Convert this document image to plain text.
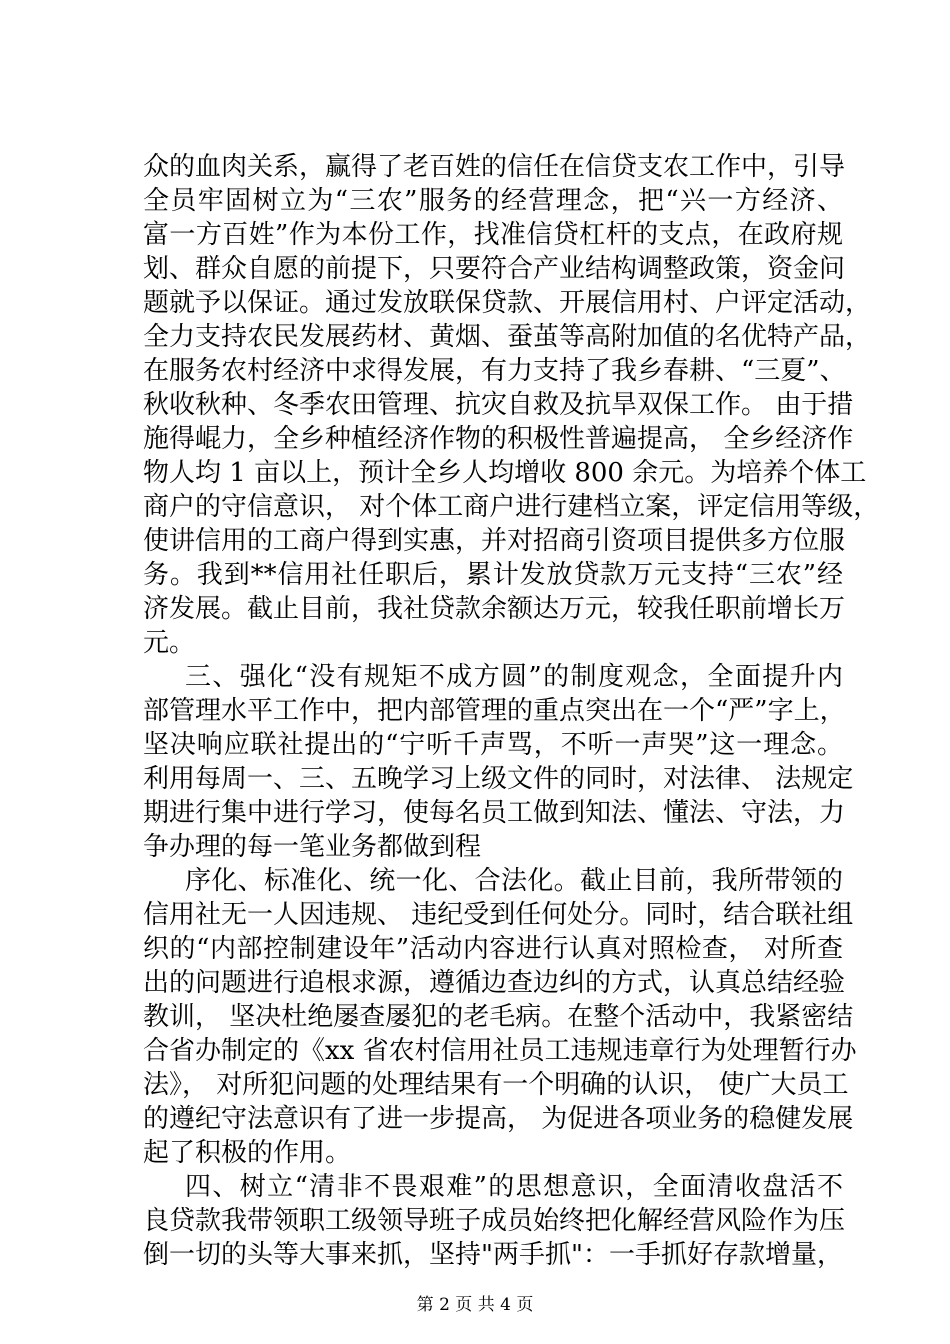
众的血肉关系，赢得了老百姓的信任在信贷支农工作中，引导
全员牢固树立为“三农”服务的经营理念，把“兴一方经济、
富一方百姓”作为本份工作，找准信贷杠杆的支点，在政府规
划、群众自愿的前提下，只要符合产业结构调整政策，资金问
题就予以保证。通过发放联保贷款、开展信用村、户评定活动，
全力支持农民发展药材、黄烟、蚕茧等高附加值的名优特产品，
在服务农村经济中求得发展，有力支持了我乡春耕、“三夏”、
秋收秋种、冬季农田管理、抗灾自救及抗旱双保工作。 由于措
施得崐力，全乡种植经济作物的积极性普遍提高， 全乡经济作
物人均 1 亩以上，预计全乡人均增收 800 余元。为培养个体工
商户的守信意识， 对个体工商户进行建档立案，评定信用等级，
使讲信用的工商户得到实惠，并对招商引资项目提供多方位服
务。我到**信用社任职后，累计发放贷款万元支持“三农”经
济发展。截止目前，我社贷款余额达万元，较我任职前增长万
元。
三、强化“没有规矩不成方圆”的制度观念，全面提升内
部管理水平工作中，把内部管理的重点突出在一个“严”字上，
坚决响应联社提出的“宁听千声骂，不听一声哭”这一理念。
利用每周一、三、五晚学习上级文件的同时，对法律、 法规定
期进行集中进行学习，使每名员工做到知法、懂法、守法，力
争办理的每一笔业务都做到程
序化、标准化、统一化、合法化。截止目前，我所带领的
信用社无一人因违规、 违纪受到任何处分。同时，结合联社组
织的“内部控制建设年”活动内容进行认真对照检查， 对所查
出的问题进行追根求源，遵循边查边纠的方式，认真总结经验
教训， 坚决杜绝屡查屡犯的老毛病。在整个活动中，我紧密结
合省办制定的《xx 省农村信用社员工违规违章行为处理暂行办
法》， 对所犯问题的处理结果有一个明确的认识， 使广大员工
的遵纪守法意识有了进一步提高， 为促进各项业务的稳健发展
起了积极的作用。
四、树立“清非不畏艰难”的思想意识，全面清收盘活不
良贷款我带领职工级领导班子成员始终把化解经营风险作为压
倒一切的头等大事来抓，坚持"两手抓"：一手抓好存款增量，
第 2 页 共 4 页
